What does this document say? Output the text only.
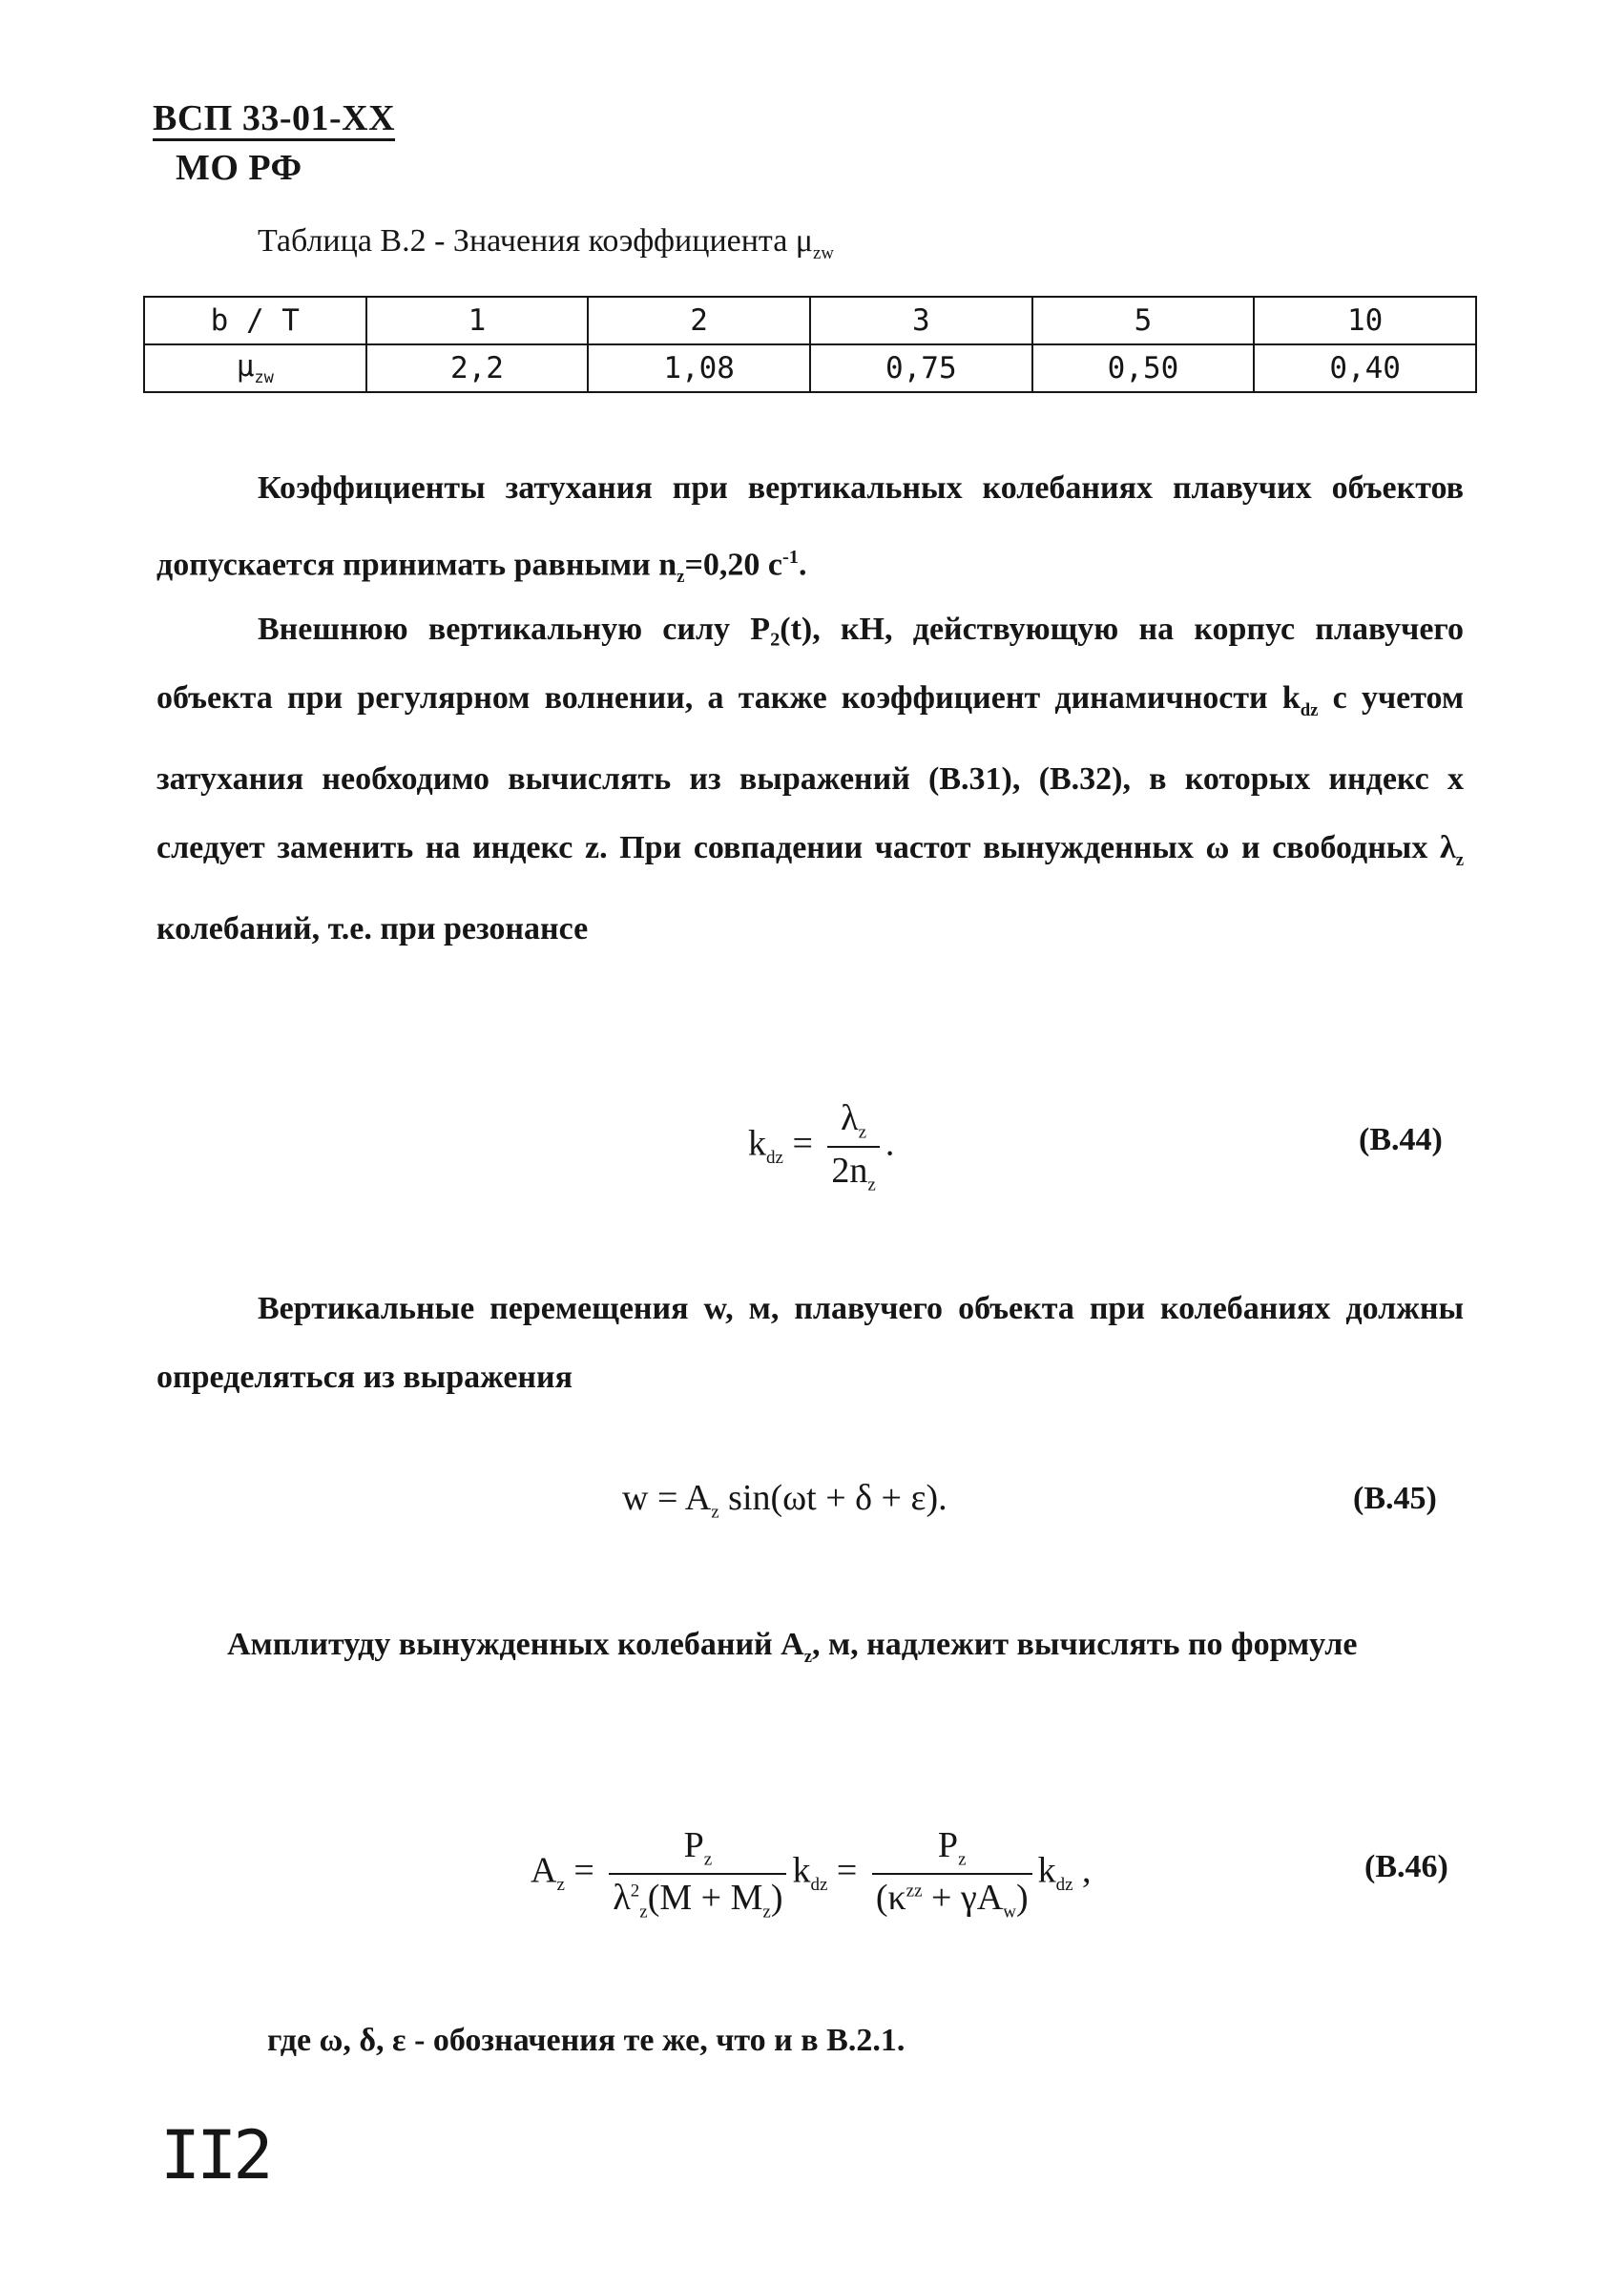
ВСП 33-01-ХХ
МО РФ
Таблица В.2 - Значения коэффициента $\mu_{zw}$
b / T	1	2	3	5	10
$\mu_{zw}$	2,2	1,08	0,75	0,50	0,40
Коэффициенты затухания при вертикальных колебаниях плавучих объектов допускается принимать равными $n_z=0,20$ $с^{-1}$.
Внешнюю вертикальную силу P₂(t), кН, действующую на корпус плавучего объекта при регулярном волнении, а также коэффициент динамичности $k_{dz}$ с учетом затухания необходимо вычислять из выражений (В.31), (В.32), в которых индекс x следует заменить на индекс z. При совпадении частот вынужденных ω и свободных $\lambda_z$ колебаний, т.е. при резонансе
$k_{dz} = \frac{\lambda_z}{2n_z}$ .	(В.44)
Вертикальные перемещения w, м, плавучего объекта при колебаниях должны определяться из выражения
$w = A_z$ sin(ωt + δ + ε).	(В.45)
Амплитуду вынужденных колебаний $A_z$, м, надлежит вычислять по формуле
$A_z = \frac{P_z}{\lambda^2_z(M + M_z)} k_{dz} = \frac{P_z}{(\kappa^{zz} + \gamma A_w)} k_{dz}$ ,	(В.46)
где ω, δ, ε - обозначения те же, что и в В.2.1.
II2
